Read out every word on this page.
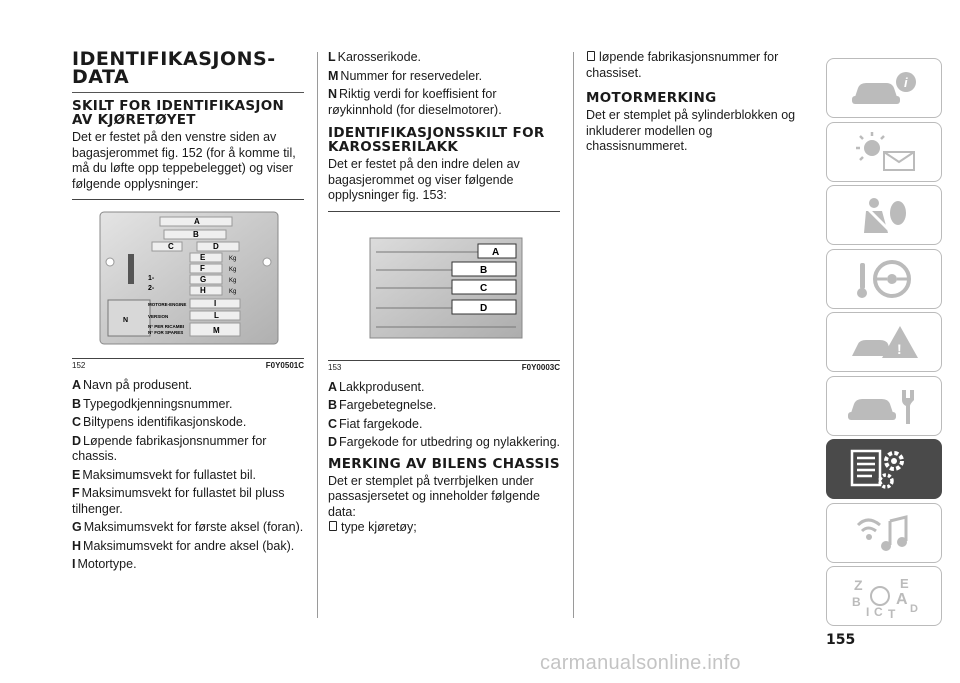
IDENTIFIKASJONS-DATA
SKILT FOR IDENTIFIKASJON AV KJØRETØYET

Det er festet på den venstre siden av bagasjerommet fig. 152 (for å komme til, må du løfte opp teppebelegget) og viser følgende opplysninger:

A
B
C	D
E
F
G
H
I
L
M
N
Kg
Kg
Kg
Kg
1-
2-
MOTORE-ENGINE
VERSION
N° PER RICAMBI
N° FOR SPARES
152	F0Y0501C
A Navn på produsent.
B Typegodkjenningsnummer.
C Biltypens identifikasjonskode.
D Løpende fabrikasjonsnummer for chassis.
E Maksimumsvekt for fullastet bil.
F Maksimumsvekt for fullastet bil pluss tilhenger.
G Maksimumsvekt for første aksel (foran).
H Maksimumsvekt for andre aksel (bak).
I Motortype.
L Karosserikode.
M Nummer for reservedeler.
N Riktig verdi for koeffisient for røykinnhold (for dieselmotorer).
IDENTIFIKASJONSSKILT FOR KAROSSERILAKK

Det er festet på den indre delen av bagasjerommet og viser følgende opplysninger fig. 153:

A
B
C
D
153	F0Y0003C
A Lakkprodusent.
B Fargebetegnelse.
C Fiat fargekode.
D Fargekode for utbedring og nylakkering.
MERKING AV BILENS CHASSIS

Det er stemplet på tverrbjelken under passasjersetet og inneholder følgende data:

type kjøretøy;

løpende fabrikasjonsnummer for chassiset.

MOTORMERKING

Det er stemplet på sylinderblokken og inkluderer modellen og chassisnummeret.

i
!
Z	E
A
B
I C T D
155
carmanualsonline.info
